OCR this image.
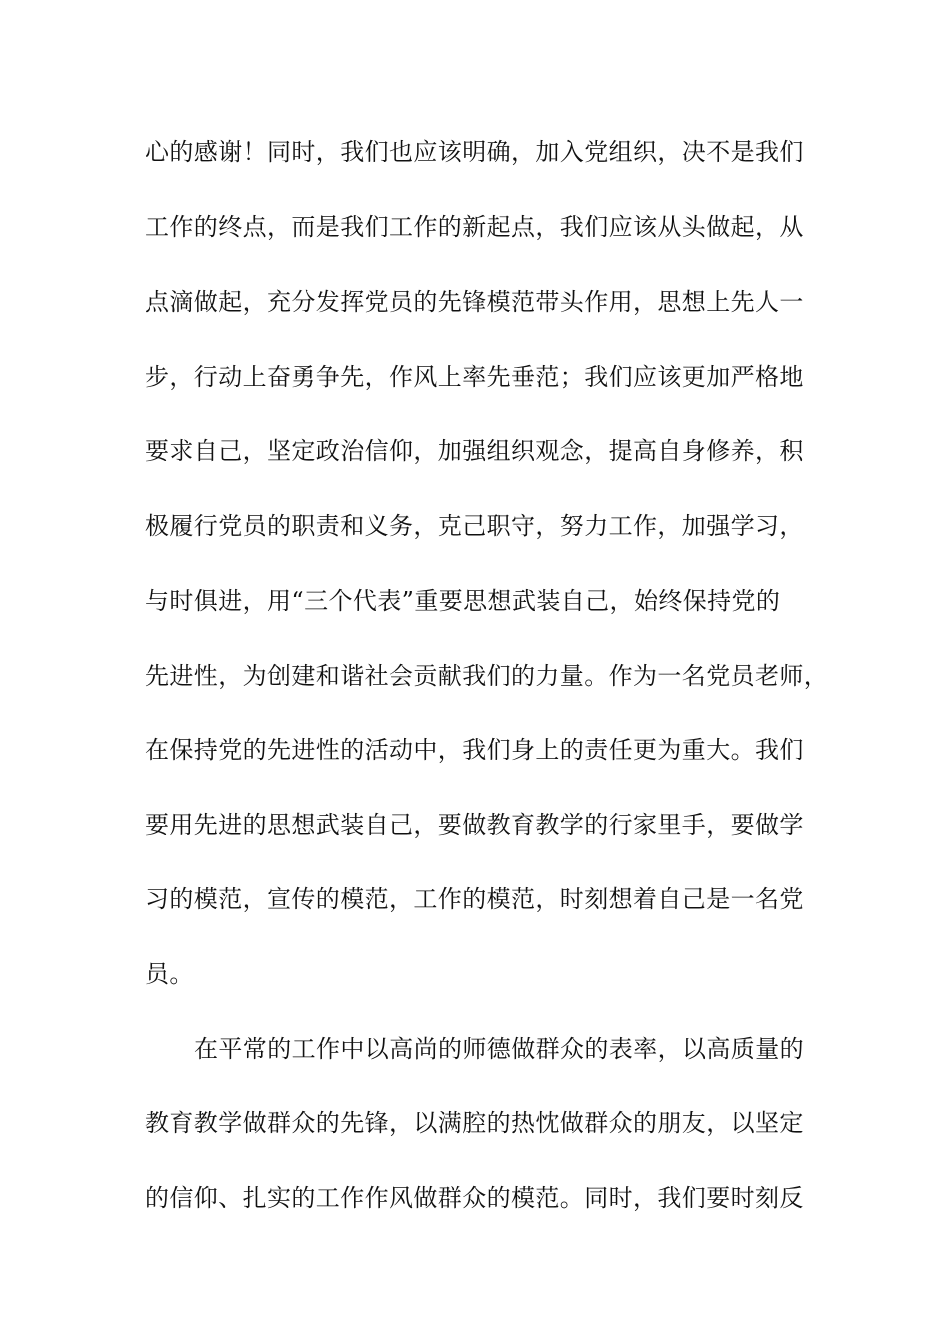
心的感谢！同时，我们也应该明确，加入党组织，决不是我们
工作的终点，而是我们工作的新起点，我们应该从头做起，从
点滴做起，充分发挥党员的先锋模范带头作用，思想上先人一
步，行动上奋勇争先，作风上率先垂范；我们应该更加严格地
要求自己，坚定政治信仰，加强组织观念，提高自身修养，积
极履行党员的职责和义务，克己职守，努力工作，加强学习，
与时俱进，用“三个代表”重要思想武装自己，始终保持党的
先进性，为创建和谐社会贡献我们的力量。作为一名党员老师，
在保持党的先进性的活动中，我们身上的责任更为重大。我们
要用先进的思想武装自己，要做教育教学的行家里手，要做学
习的模范，宣传的模范，工作的模范，时刻想着自己是一名党
员。
在平常的工作中以高尚的师德做群众的表率，以高质量的
教育教学做群众的先锋，以满腔的热忱做群众的朋友，以坚定
的信仰、扎实的工作作风做群众的模范。同时，我们要时刻反
